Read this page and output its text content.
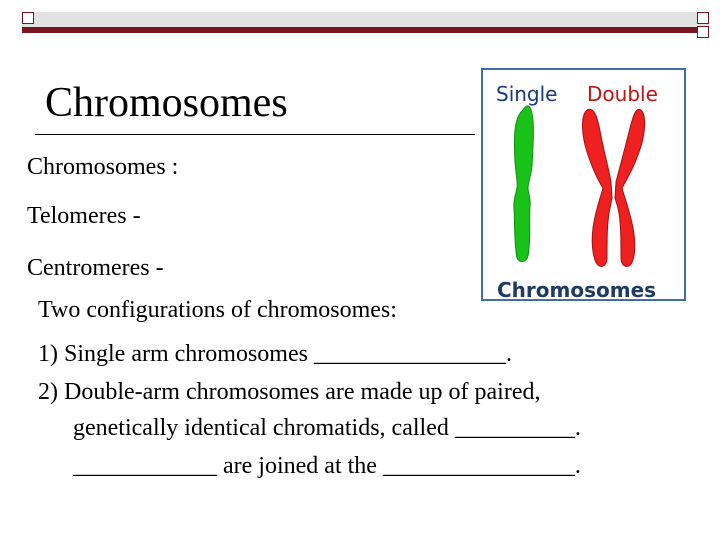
Chromosomes	Single Double
Chromosomes
Chromosomes :
Telomeres -
Centromeres -
Two configurations of chromosomes:
1) Single arm chromosomes ________________.
2) Double-arm chromosomes are made up of paired,
genetically identical chromatids, called __________.
____________ are joined at the ________________.
